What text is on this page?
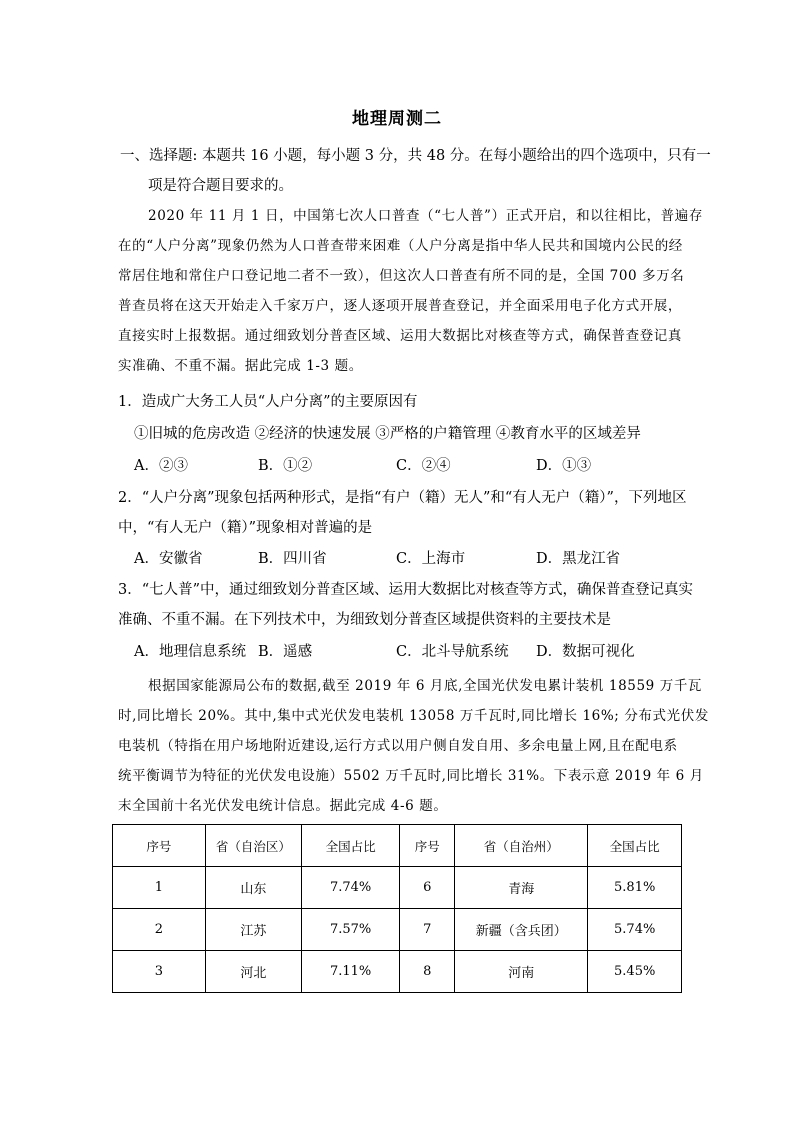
地理周测二
一、选择题: 本题共 16 小题，每小题 3 分，共 48 分。在每小题给出的四个选项中，只有一
项是符合题目要求的。
2020 年 11 月 1 日，中国第七次人口普查（“七人普”）正式开启，和以往相比，普遍存
在的“人户分离”现象仍然为人口普查带来困难（人户分离是指中华人民共和国境内公民的经
常居住地和常住户口登记地二者不一致），但这次人口普查有所不同的是，全国 700 多万名
普查员将在这天开始走入千家万户，逐人逐项开展普查登记，并全面采用电子化方式开展，
直接实时上报数据。通过细致划分普查区域、运用大数据比对核查等方式，确保普查登记真
实准确、不重不漏。据此完成 1-3 题。
1．造成广大务工人员“人户分离”的主要原因有
①旧城的危房改造 ②经济的快速发展 ③严格的户籍管理 ④教育水平的区域差异
A．②③	B．①②	C．②④	D．①③
2．“人户分离”现象包括两种形式，是指“有户（籍）无人”和“有人无户（籍）”，下列地区
中，“有人无户（籍）”现象相对普遍的是
A．安徽省	B．四川省	C．上海市	D．黑龙江省
3．“七人普”中，通过细致划分普查区域、运用大数据比对核查等方式，确保普查登记真实
准确、不重不漏。在下列技术中，为细致划分普查区域提供资料的主要技术是
A．地理信息系统 B．遥感	C．北斗导航系统 D．数据可视化
根据国家能源局公布的数据,截至 2019 年 6 月底,全国光伏发电累计装机 18559 万千瓦
时,同比增长 20%。其中,集中式光伏发电装机 13058 万千瓦时,同比增长 16%; 分布式光伏发
电装机（特指在用户场地附近建设,运行方式以用户侧自发自用、多余电量上网,且在配电系
统平衡调节为特征的光伏发电设施）5502 万千瓦时,同比增长 31%。下表示意 2019 年 6 月
末全国前十名光伏发电统计信息。据此完成 4-6 题。
序号	省（自治区）	全国占比	序号	省（自治州）	全国占比
1	山东	7.74%	6	青海	5.81%
2	江苏	7.57%	7	新疆（含兵团）	5.74%
3	河北	7.11%	8	河南	5.45%
